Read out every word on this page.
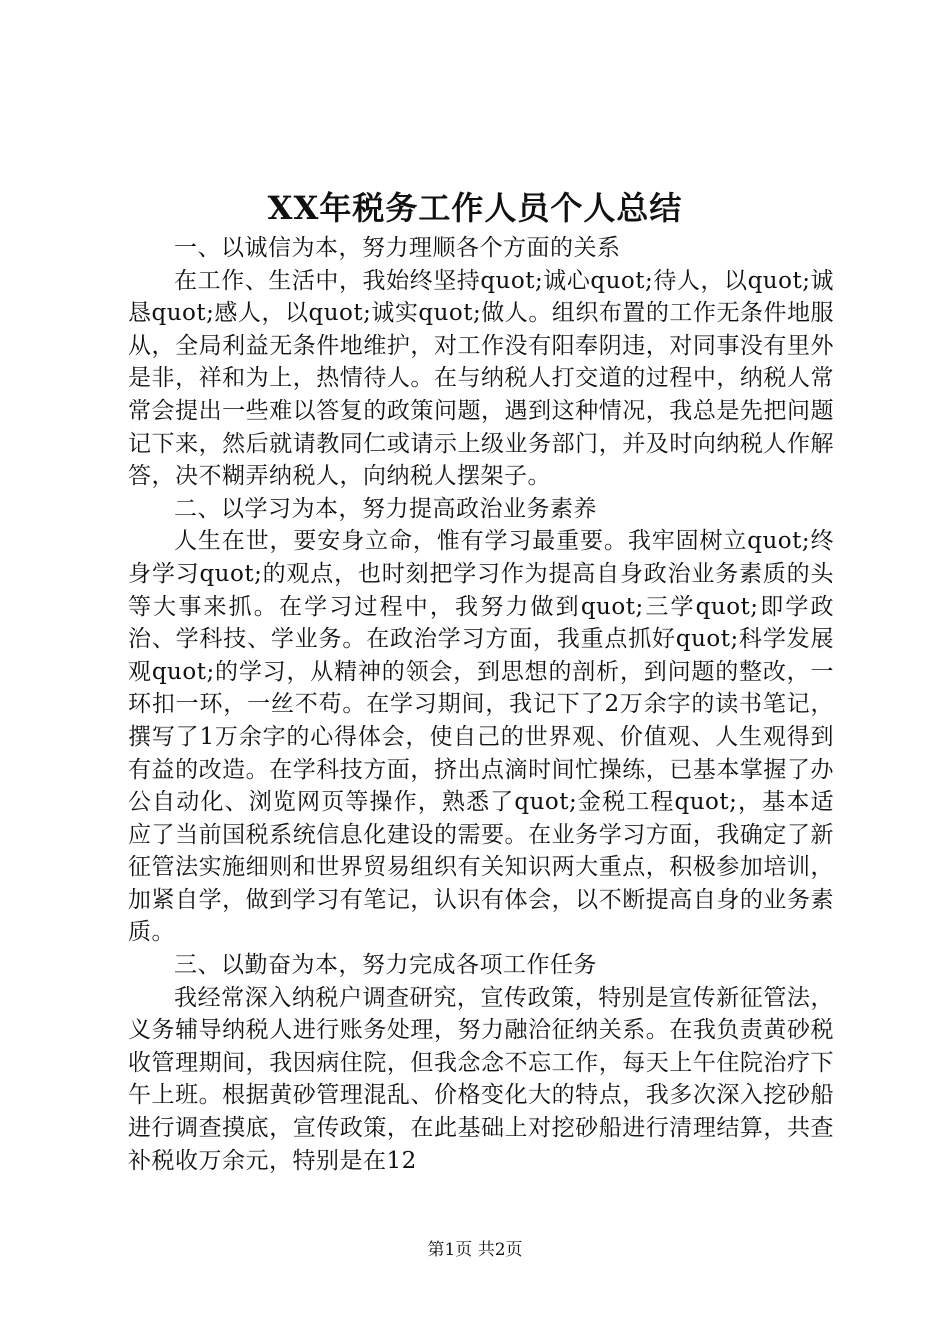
XX年税务工作人员个人总结
一、以诚信为本，努力理顺各个方面的关系

在工作、生活中，我始终坚持quot;诚心quot;待人，以quot;诚恳quot;感人，以quot;诚实quot;做人。组织布置的工作无条件地服从，全局利益无条件地维护，对工作没有阳奉阴违，对同事没有里外是非，祥和为上，热情待人。在与纳税人打交道的过程中，纳税人常常会提出一些难以答复的政策问题，遇到这种情况，我总是先把问题记下来，然后就请教同仁或请示上级业务部门，并及时向纳税人作解答，决不糊弄纳税人，向纳税人摆架子。

二、以学习为本，努力提高政治业务素养

人生在世，要安身立命，惟有学习最重要。我牢固树立quot;终身学习quot;的观点，也时刻把学习作为提高自身政治业务素质的头等大事来抓。在学习过程中，我努力做到quot;三学quot;即学政治、学科技、学业务。在政治学习方面，我重点抓好quot;科学发展观quot;的学习，从精神的领会，到思想的剖析，到问题的整改，一环扣一环，一丝不苟。在学习期间，我记下了2万余字的读书笔记，撰写了1万余字的心得体会，使自己的世界观、价值观、人生观得到有益的改造。在学科技方面，挤出点滴时间忙操练，已基本掌握了办公自动化、浏览网页等操作，熟悉了quot;金税工程quot;，基本适应了当前国税系统信息化建设的需要。在业务学习方面，我确定了新征管法实施细则和世界贸易组织有关知识两大重点，积极参加培训，加紧自学，做到学习有笔记，认识有体会，以不断提高自身的业务素质。

三、以勤奋为本，努力完成各项工作任务

我经常深入纳税户调查研究，宣传政策，特别是宣传新征管法，义务辅导纳税人进行账务处理，努力融洽征纳关系。在我负责黄砂税收管理期间，我因病住院，但我念念不忘工作，每天上午住院治疗下午上班。根据黄砂管理混乱、价格变化大的特点，我多次深入挖砂船进行调查摸底，宣传政策，在此基础上对挖砂船进行清理结算，共查补税收万余元，特别是在12

第1页 共2页
